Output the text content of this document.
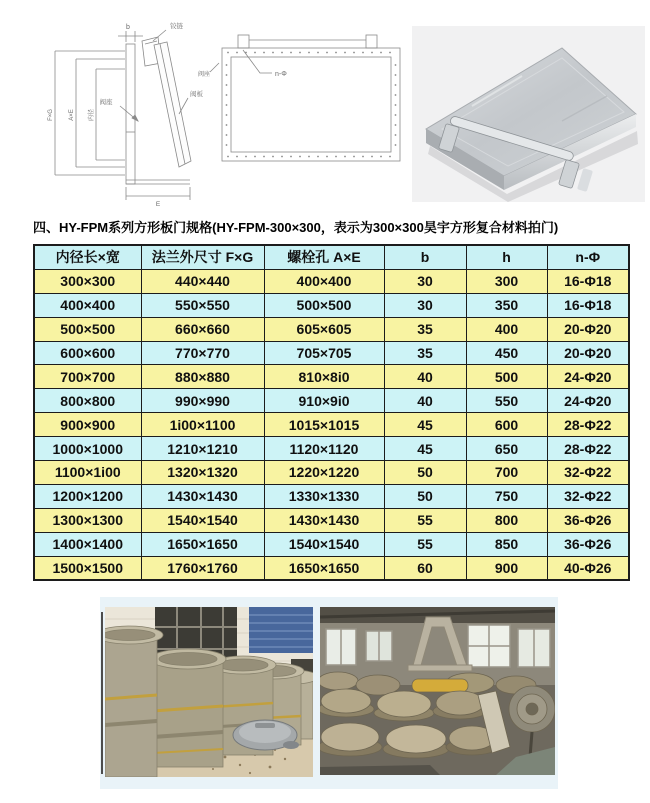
b	铰链
阀板
阀座
F×G	A×E	内径
E
n-Φ
阀座
四、HY-FPM系列方形板门规格(HY-FPM-300×300，表示为300×300昊宇方形复合材料拍门)
内径长×宽	法兰外尺寸 F×G	螺栓孔 A×E	b	h	n-Φ
300×300	440×440	400×400	30	300	16-Φ18
400×400	550×550	500×500	30	350	16-Φ18
500×500	660×660	605×605	35	400	20-Φ20
600×600	770×770	705×705	35	450	20-Φ20
700×700	880×880	810×8i0	40	500	24-Φ20
800×800	990×990	910×9i0	40	550	24-Φ20
900×900	1i00×1100	1015×1015	45	600	28-Φ22
1000×1000	1210×1210	1120×1120	45	650	28-Φ22
1100×1i00	1320×1320	1220×1220	50	700	32-Φ22
1200×1200	1430×1430	1330×1330	50	750	32-Φ22
1300×1300	1540×1540	1430×1430	55	800	36-Φ26
1400×1400	1650×1650	1540×1540	55	850	36-Φ26
1500×1500	1760×1760	1650×1650	60	900	40-Φ26
